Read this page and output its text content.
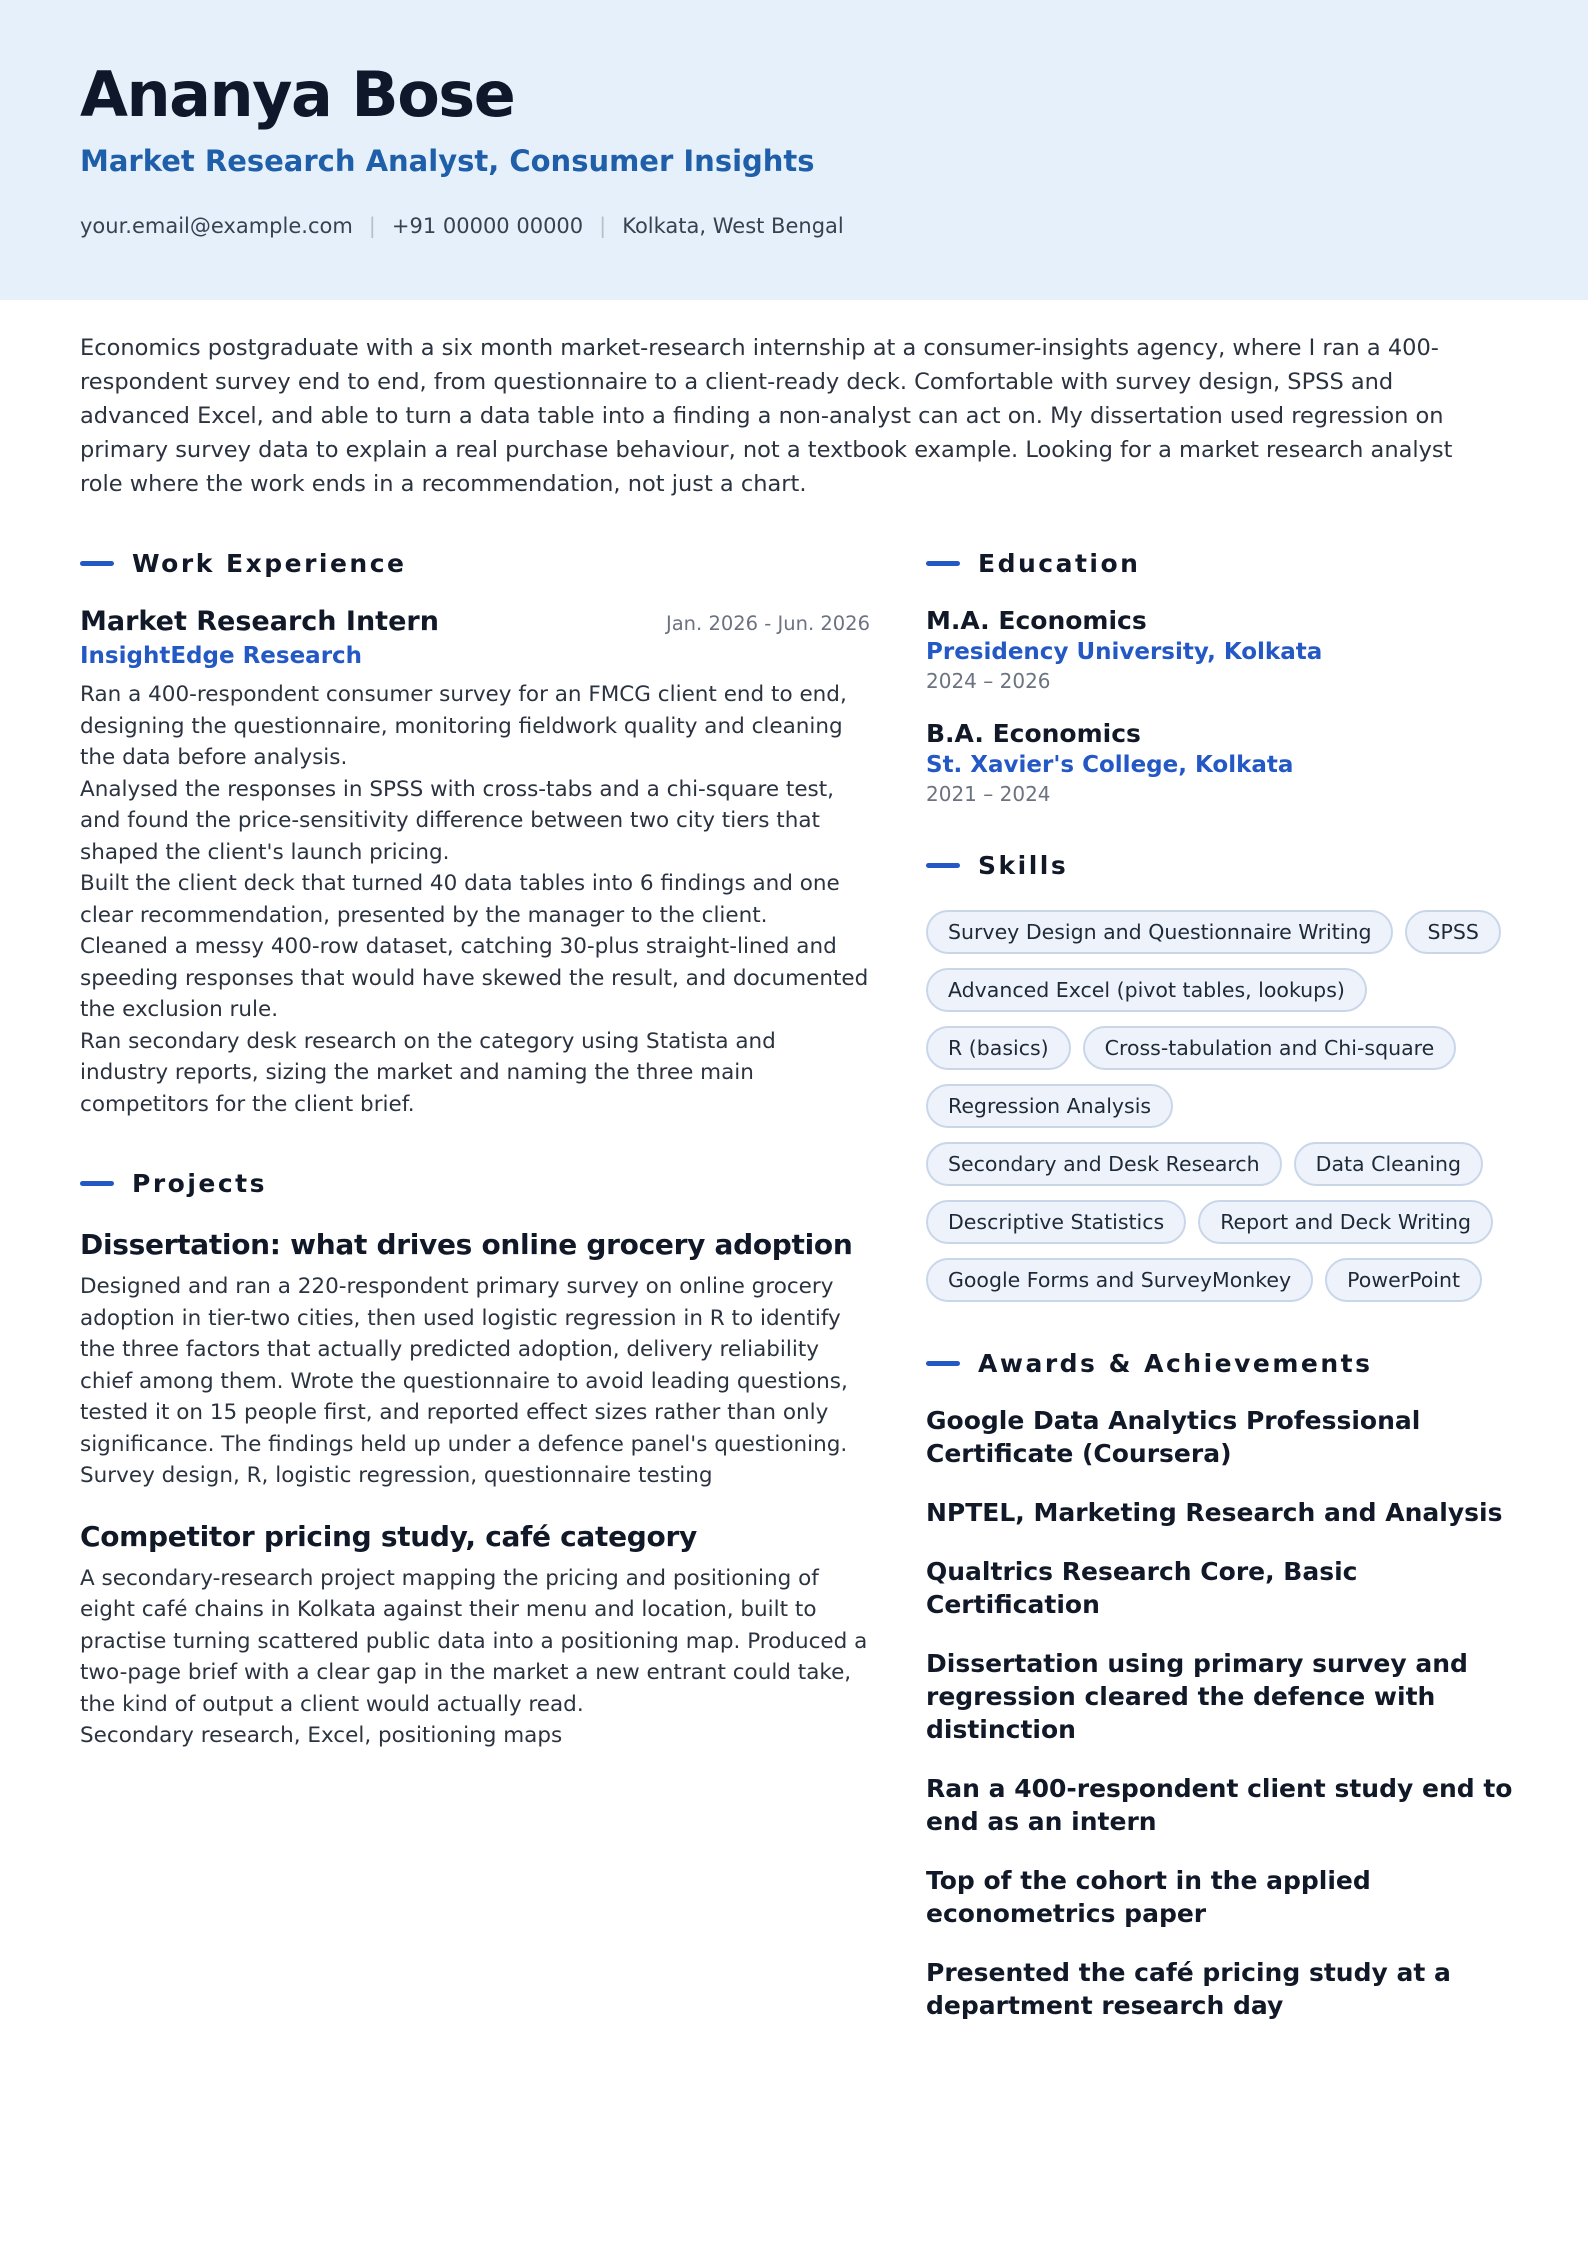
Ananya Bose
Market Research Analyst, Consumer Insights
your.email@example.com | +91 00000 00000 | Kolkata, West Bengal
Economics postgraduate with a six month market-research internship at a consumer-insights agency, where I ran a 400-respondent survey end to end, from questionnaire to a client-ready deck. Comfortable with survey design, SPSS and advanced Excel, and able to turn a data table into a finding a non-analyst can act on. My dissertation used regression on primary survey data to explain a real purchase behaviour, not a textbook example. Looking for a market research analyst role where the work ends in a recommendation, not just a chart.
Work Experience
Market Research Intern	Jan. 2026 - Jun. 2026
InsightEdge Research
Ran a 400-respondent consumer survey for an FMCG client end to end, designing the questionnaire, monitoring fieldwork quality and cleaning the data before analysis.
Analysed the responses in SPSS with cross-tabs and a chi-square test, and found the price-sensitivity difference between two city tiers that shaped the client's launch pricing.
Built the client deck that turned 40 data tables into 6 findings and one clear recommendation, presented by the manager to the client.
Cleaned a messy 400-row dataset, catching 30-plus straight-lined and speeding responses that would have skewed the result, and documented the exclusion rule.
Ran secondary desk research on the category using Statista and industry reports, sizing the market and naming the three main competitors for the client brief.
Projects
Dissertation: what drives online grocery adoption
Designed and ran a 220-respondent primary survey on online grocery adoption in tier-two cities, then used logistic regression in R to identify the three factors that actually predicted adoption, delivery reliability chief among them. Wrote the questionnaire to avoid leading questions, tested it on 15 people first, and reported effect sizes rather than only significance. The findings held up under a defence panel's questioning.
Survey design, R, logistic regression, questionnaire testing
Competitor pricing study, café category
A secondary-research project mapping the pricing and positioning of eight café chains in Kolkata against their menu and location, built to practise turning scattered public data into a positioning map. Produced a two-page brief with a clear gap in the market a new entrant could take, the kind of output a client would actually read.
Secondary research, Excel, positioning maps
Education
M.A. Economics
Presidency University, Kolkata
2024 – 2026
B.A. Economics
St. Xavier's College, Kolkata
2021 – 2024
Skills
Survey Design and Questionnaire Writing	SPSS
Advanced Excel (pivot tables, lookups)
R (basics)	Cross-tabulation and Chi-square
Regression Analysis
Secondary and Desk Research	Data Cleaning
Descriptive Statistics	Report and Deck Writing
Google Forms and SurveyMonkey	PowerPoint
Awards & Achievements
Google Data Analytics Professional Certificate (Coursera)
NPTEL, Marketing Research and Analysis
Qualtrics Research Core, Basic Certification
Dissertation using primary survey and regression cleared the defence with distinction
Ran a 400-respondent client study end to end as an intern
Top of the cohort in the applied econometrics paper
Presented the café pricing study at a department research day
